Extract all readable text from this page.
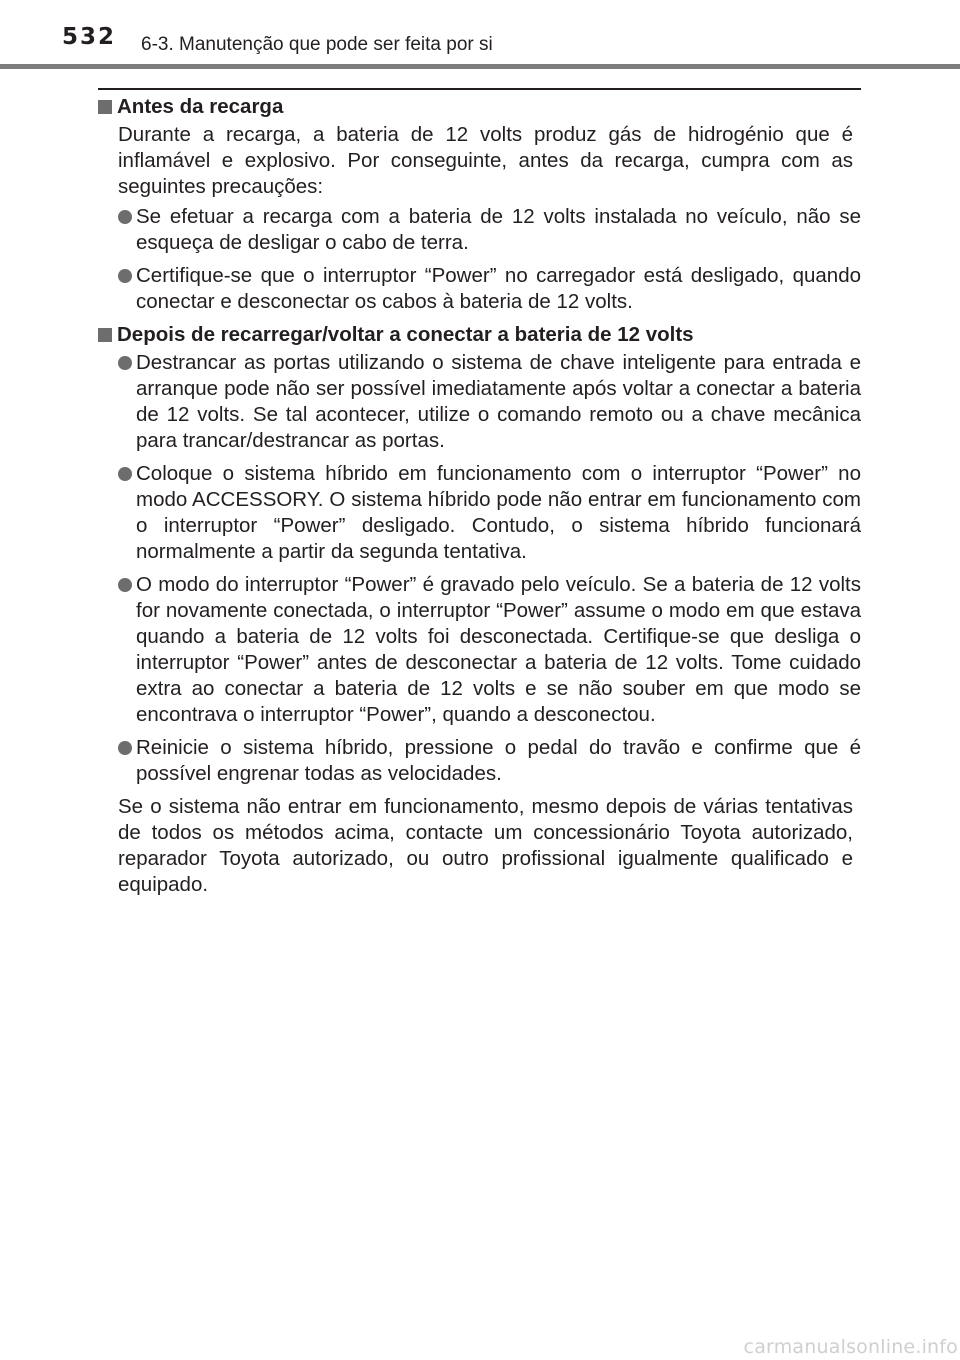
532 6-3. Manutenção que pode ser feita por si
Antes da recarga

Durante a recarga, a bateria de 12 volts produz gás de hidrogénio que é inflamável e explosivo. Por conseguinte, antes da recarga, cumpra com as seguintes precauções:

Se efetuar a recarga com a bateria de 12 volts instalada no veículo, não se esqueça de desligar o cabo de terra.
Certifique-se que o interruptor “Power” no carregador está desligado, quando conectar e desconectar os cabos à bateria de 12 volts.
Depois de recarregar/voltar a conectar a bateria de 12 volts
Destrancar as portas utilizando o sistema de chave inteligente para entrada e arranque pode não ser possível imediatamente após voltar a conectar a bateria de 12 volts. Se tal acontecer, utilize o comando remoto ou a chave mecânica para trancar/destrancar as portas.
Coloque o sistema híbrido em funcionamento com o interruptor “Power” no modo ACCESSORY. O sistema híbrido pode não entrar em funcionamento com o interruptor “Power” desligado. Contudo, o sistema híbrido funcionará normalmente a partir da segunda tentativa.
O modo do interruptor “Power” é gravado pelo veículo. Se a bateria de 12 volts for novamente conectada, o interruptor “Power” assume o modo em que estava quando a bateria de 12 volts foi desconectada. Certifique-se que desliga o interruptor “Power” antes de desconectar a bateria de 12 volts. Tome cuidado extra ao conectar a bateria de 12 volts e se não souber em que modo se encontrava o interruptor “Power”, quando a desconectou.
Reinicie o sistema híbrido, pressione o pedal do travão e confirme que é possível engrenar todas as velocidades.

Se o sistema não entrar em funcionamento, mesmo depois de várias tentativas de todos os métodos acima, contacte um concessionário Toyota autorizado, reparador Toyota autorizado, ou outro profissional igualmente qualificado e equipado.

carmanualsonline.info
